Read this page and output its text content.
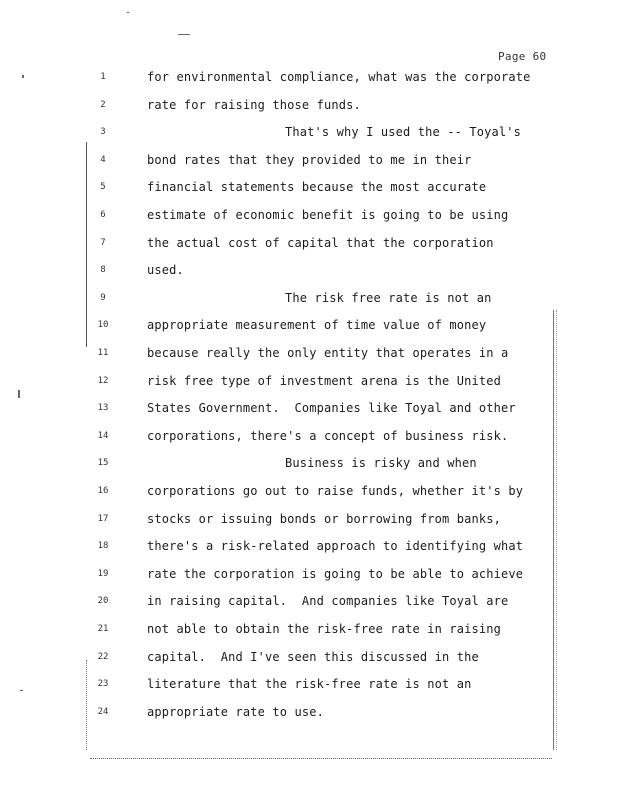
Page 60
1	for environmental compliance, what was the corporate
2	rate for raising those funds.
3	That's why I used the -- Toyal's
4	bond rates that they provided to me in their
5	financial statements because the most accurate
6	estimate of economic benefit is going to be using
7	the actual cost of capital that the corporation
8	used.
9	The risk free rate is not an
10	appropriate measurement of time value of money
11	because really the only entity that operates in a
12	risk free type of investment arena is the United
13	States Government.  Companies like Toyal and other
14	corporations, there's a concept of business risk.
15	Business is risky and when
16	corporations go out to raise funds, whether it's by
17	stocks or issuing bonds or borrowing from banks,
18	there's a risk-related approach to identifying what
19	rate the corporation is going to be able to achieve
20	in raising capital.  And companies like Toyal are
21	not able to obtain the risk-free rate in raising
22	capital.  And I've seen this discussed in the
23	literature that the risk-free rate is not an
24	appropriate rate to use.
